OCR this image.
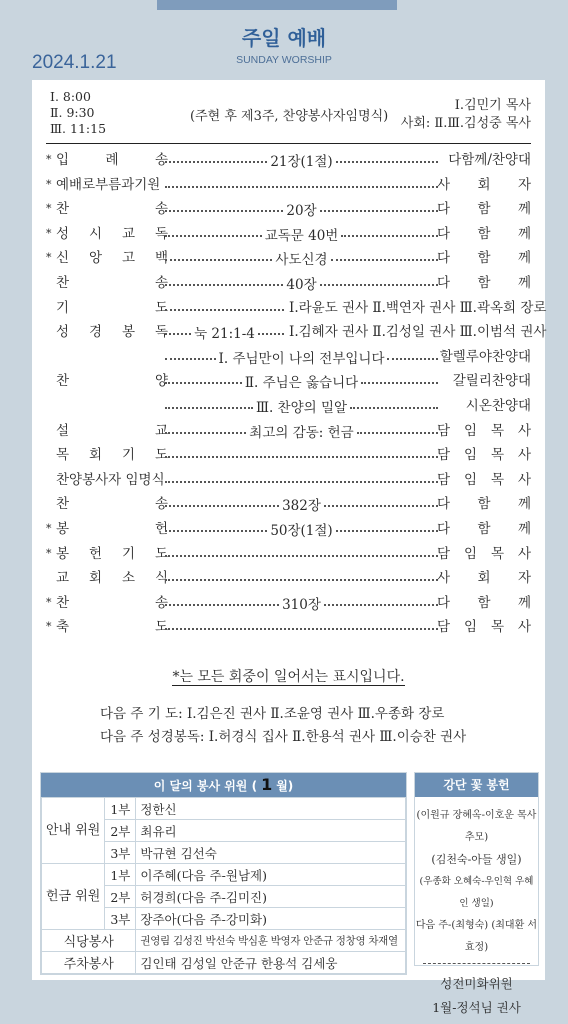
주일 예배
SUNDAY WORSHIP
2024.1.21
Ⅰ. 8:00
Ⅱ. 9:30
Ⅲ. 11:15
(주현 후 제3주, 찬양봉사자임명식)
Ⅰ.김민기 목사
사회: Ⅱ.Ⅲ.김성중 목사
* 입	례	송	21장(1절)	다함께/찬양대
* 예배로부름과기원	사 회 자
* 찬	송	20장	다 함 께
* 성 시 교 독	교독문 40번	다 함 께
* 신 앙 고 백	사도신경	다 함 께
찬	송	40장	다 함 께
기	도	Ⅰ.라윤도 권사 Ⅱ.백연자 권사 Ⅲ.곽옥희 장로
성 경 봉 독 눅 21:1-4	Ⅰ.김혜자 권사 Ⅱ.김성일 권사 Ⅲ.이범석 권사
Ⅰ. 주님만이 나의 전부입니다	할렐루야찬양대
찬	양	Ⅱ. 주님은 옳습니다	갈릴리찬양대
Ⅲ. 찬양의 밀알	시온찬양대
설	교	최고의 감동: 헌금	담 임 목 사
목 회 기 도	담 임 목 사
찬양봉사자 임명식	담 임 목 사
찬	송	382장	다 함 께
* 봉	헌	50장(1절)	다 함 께
* 봉 헌 기 도	담 임 목 사
교 회 소 식	사 회 자
* 찬	송	310장	다 함 께
* 축	도	담 임 목 사
*는 모든 회중이 일어서는 표시입니다.
다음 주 기 도: Ⅰ.김은진 권사 Ⅱ.조윤영 권사 Ⅲ.우종화 장로
다음 주 성경봉독: Ⅰ.허경식 집사 Ⅱ.한용석 권사 Ⅲ.이승찬 권사
이 달의 봉사 위원 ( 1 월)
안내 위원	1부	정한신
	2부	최유리
	3부	박규현 김선숙
헌금 위원	1부	이주혜(다음 주-원남제)
	2부	허경희(다음 주-김미진)
	3부	장주아(다음 주-강미화)
식당봉사		권영림 김성진 박선숙 박심훈 박영자 안준규 정창영 차재열
주차봉사		김인태 김성일 안준규 한용석 김세웅
강단 꽃 봉헌
(이원규 장혜옥-이호운 목사 추모)
(김천숙-아들 생일)
(우종화 오혜숙-우인혁 우혜인 생일)
다음 주-(최형숙) (최대환 서효정)
성전미화위원
1월-정석님 권사
